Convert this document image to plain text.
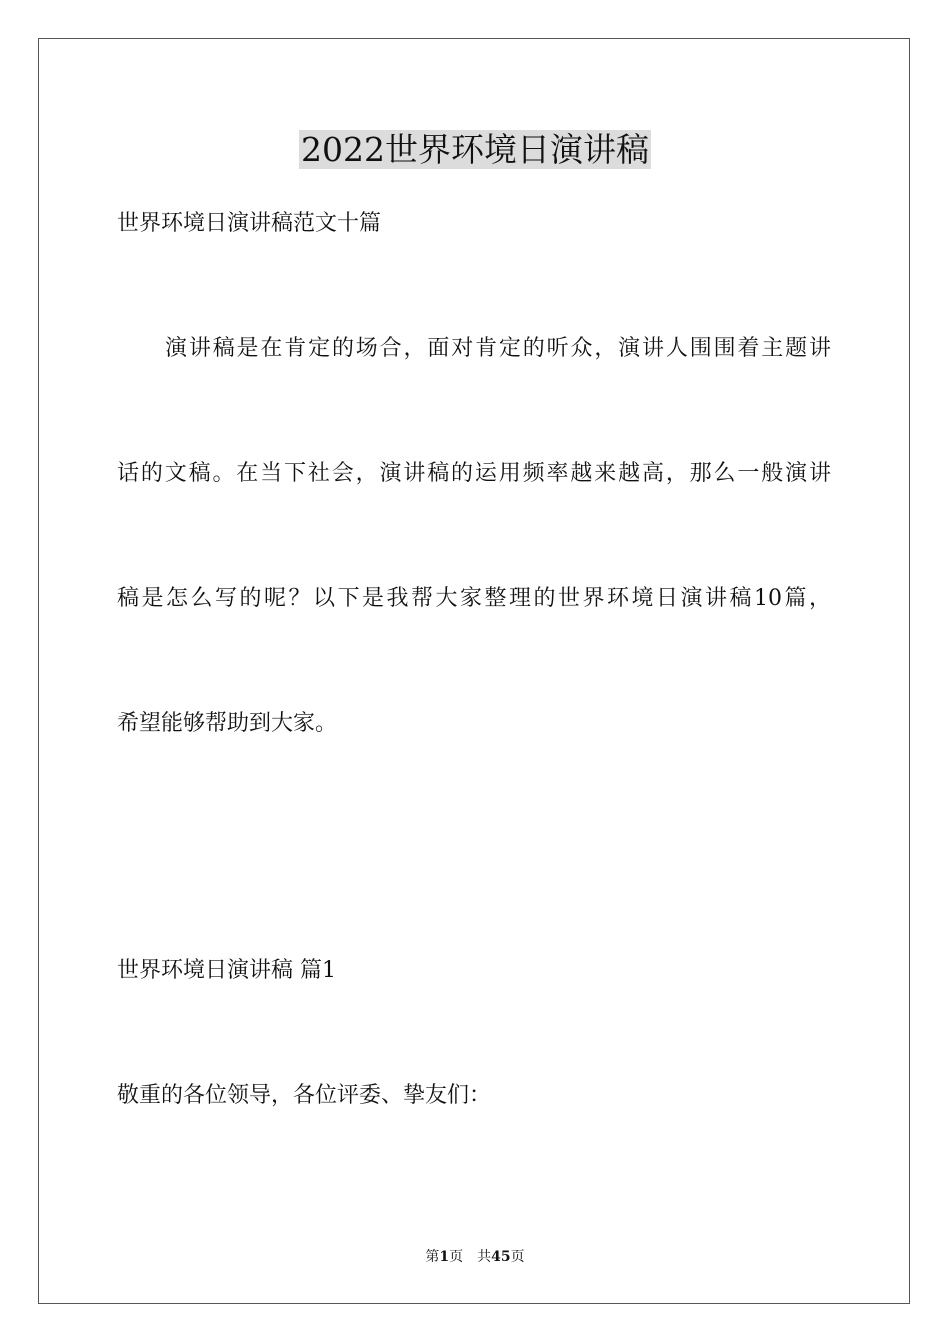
2022世界环境日演讲稿

世界环境日演讲稿范文十篇

演讲稿是在肯定的场合，面对肯定的听众，演讲人围围着主题讲

话的文稿。在当下社会，演讲稿的运用频率越来越高，那么一般演讲

稿是怎么写的呢？以下是我帮大家整理的世界环境日演讲稿10篇，

希望能够帮助到大家。

世界环境日演讲稿 篇1

敬重的各位领导，各位评委、挚友们：

第1页 共45页
